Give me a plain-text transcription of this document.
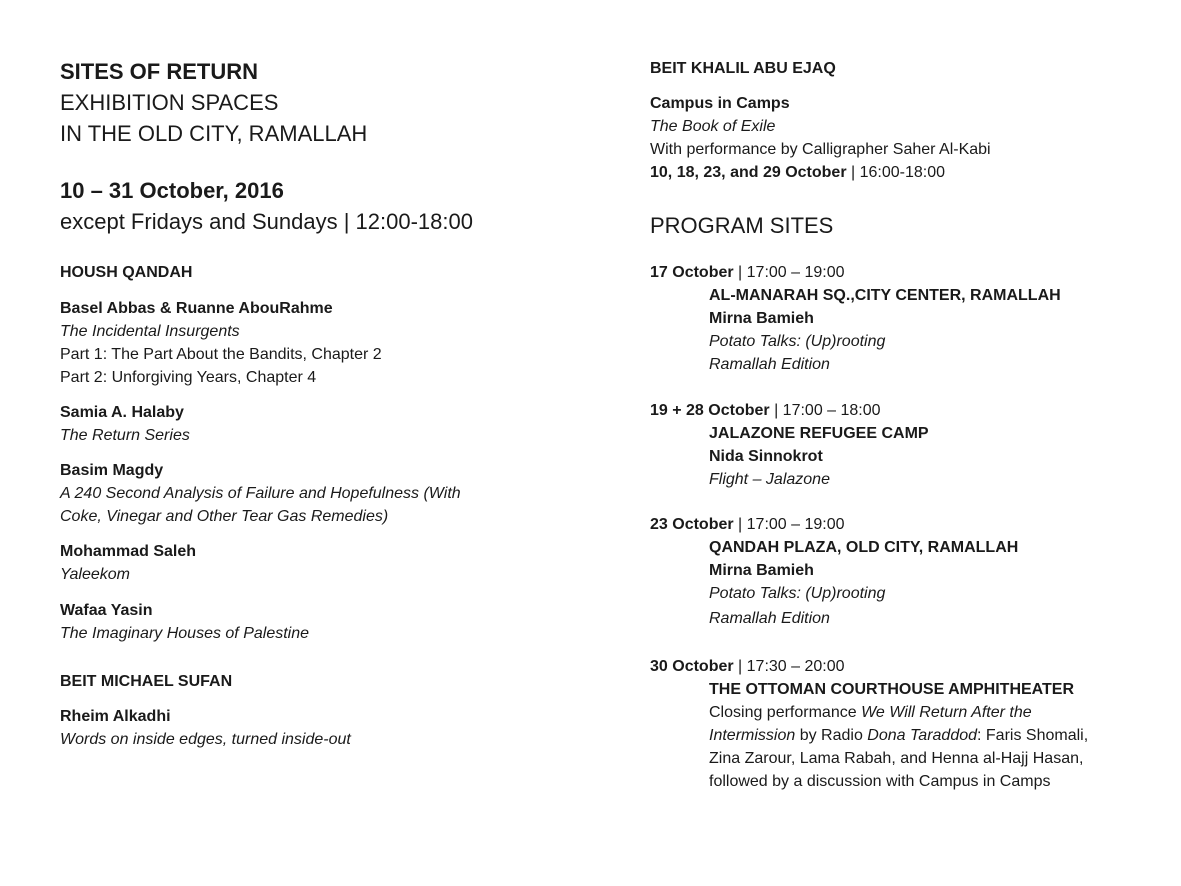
SITES OF RETURN
EXHIBITION SPACES
IN THE OLD CITY, RAMALLAH
10 – 31 October, 2016
except Fridays and Sundays | 12:00-18:00
HOUSH QANDAH
Basel Abbas & Ruanne AbouRahme
The Incidental Insurgents
Part 1: The Part About the Bandits, Chapter 2
Part 2: Unforgiving Years, Chapter 4
Samia A. Halaby
The Return Series
Basim Magdy
A 240 Second Analysis of Failure and Hopefulness (With
Coke, Vinegar and Other Tear Gas Remedies)
Mohammad Saleh
Yaleekom
Wafaa Yasin
The Imaginary Houses of Palestine
BEIT MICHAEL SUFAN
Rheim Alkadhi
Words on inside edges, turned inside-out
BEIT KHALIL ABU EJAQ
Campus in Camps
The Book of Exile
With performance by Calligrapher Saher Al-Kabi
10, 18, 23, and 29 October | 16:00-18:00
PROGRAM SITES
17 October | 17:00 – 19:00
AL-MANARAH SQ.,CITY CENTER, RAMALLAH
Mirna Bamieh
Potato Talks: (Up)rooting
Ramallah Edition
19 + 28 October | 17:00 – 18:00
JALAZONE REFUGEE CAMP
Nida Sinnokrot
Flight – Jalazone
23 October | 17:00 – 19:00
QANDAH PLAZA, OLD CITY, RAMALLAH
Mirna Bamieh
Potato Talks: (Up)rooting
Ramallah Edition
30 October | 17:30 – 20:00
THE OTTOMAN COURTHOUSE AMPHITHEATER
Closing performance We Will Return After the
Intermission by Radio Dona Taraddod: Faris Shomali,
Zina Zarour, Lama Rabah, and Henna al-Hajj Hasan,
followed by a discussion with Campus in Camps
